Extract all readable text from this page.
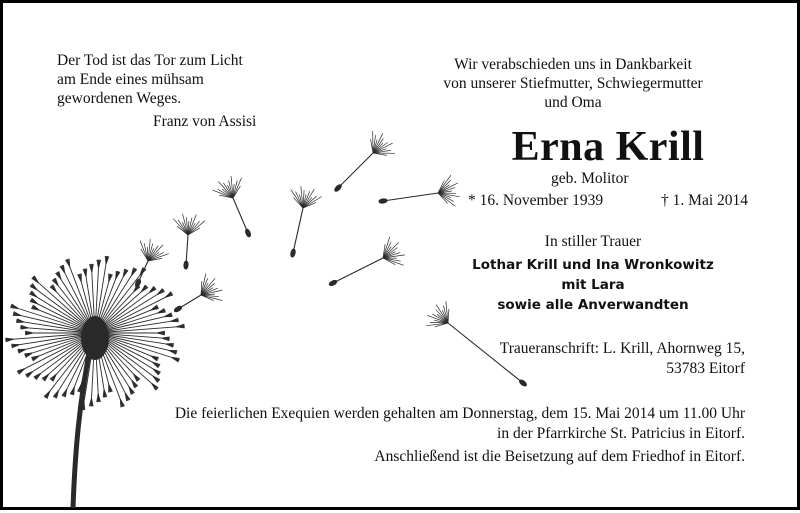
Der Tod ist das Tor zum Licht
am Ende eines mühsam
gewordenen Weges.
Franz von Assisi
Wir verabschieden uns in Dankbarkeit
von unserer Stiefmutter, Schwiegermutter
und Oma
Erna Krill
geb. Molitor
* 16. November 1939	† 1. Mai 2014
In stiller Trauer
Lothar Krill und Ina Wronkowitz
mit Lara
sowie alle Anverwandten
Traueranschrift: L. Krill, Ahornweg 15,
53783 Eitorf
Die feierlichen Exequien werden gehalten am Donnerstag, dem 15. Mai 2014 um 11.00 Uhr
in der Pfarrkirche St. Patricius in Eitorf.
Anschließend ist die Beisetzung auf dem Friedhof in Eitorf.
